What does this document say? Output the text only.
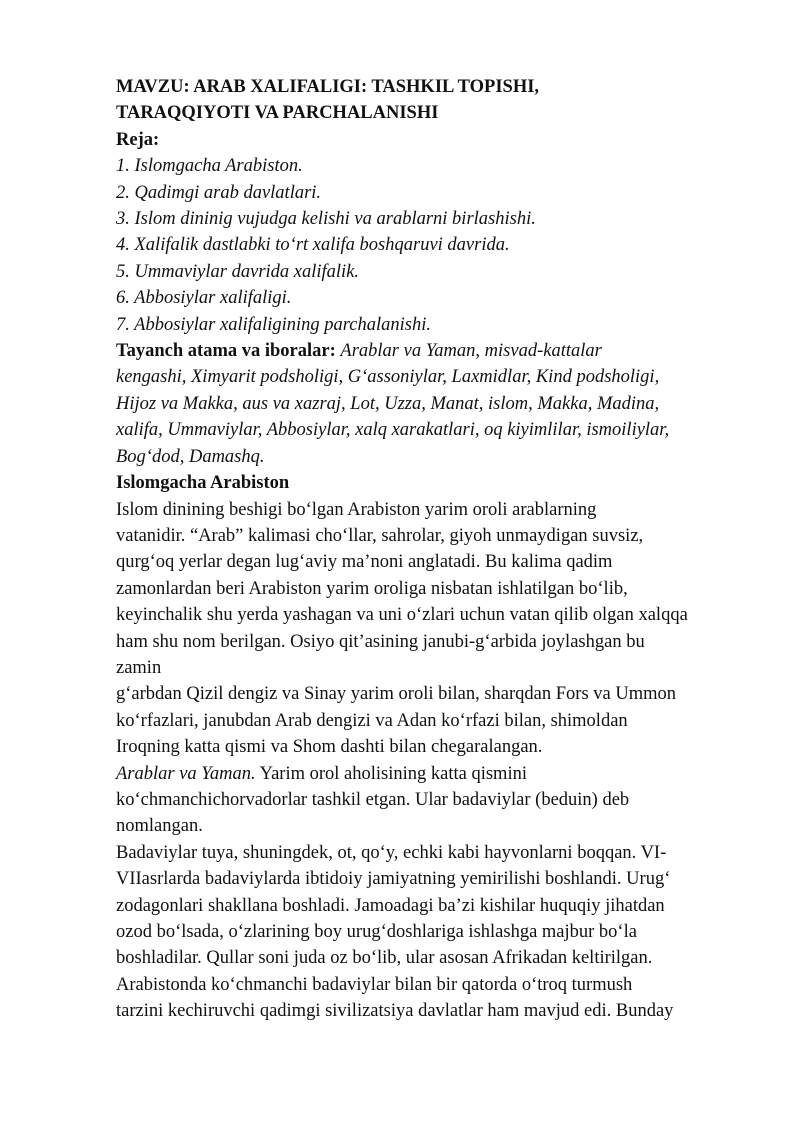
MAVZU: ARAB XALIFALIGI: TASHKIL TOPISHI,
TARAQQIYOTI VA PARCHALANISHI
Reja:
1. Islomgacha Arabiston.
2. Qadimgi arab davlatlari.
3. Islom dininig vujudga kelishi va arablarni birlashishi.
4. Xalifalik dastlabki to‘rt xalifa boshqaruvi davrida.
5. Ummaviylar davrida xalifalik.
6. Abbosiylar xalifaligi.
7. Abbosiylar xalifaligining parchalanishi.
Tayanch atama va iboralar: Arablar va Yaman, misvad-kattalar
kengashi, Ximyarit podsholigi, G‘assoniylar, Laxmidlar, Kind podsholigi,
Hijoz va Makka, aus va xazraj, Lot, Uzza, Manat, islom, Makka, Madina,
xalifa, Ummaviylar, Abbosiylar, xalq xarakatlari, oq kiyimlilar, ismoiliylar,
Bog‘dod, Damashq.
Islomgacha Arabiston
Islom dinining beshigi bo‘lgan Arabiston yarim oroli arablarning
vatanidir. “Arab” kalimasi cho‘llar, sahrolar, giyoh unmaydigan suvsiz,
qurg‘oq yerlar degan lug‘aviy ma’noni anglatadi. Bu kalima qadim
zamonlardan beri Arabiston yarim oroliga nisbatan ishlatilgan bo‘lib,
keyinchalik shu yerda yashagan va uni o‘zlari uchun vatan qilib olgan xalqqa
ham shu nom berilgan. Osiyo qit’asining janubi-g‘arbida joylashgan bu
zamin
g‘arbdan Qizil dengiz va Sinay yarim oroli bilan, sharqdan Fors va Ummon
ko‘rfazlari, janubdan Arab dengizi va Adan ko‘rfazi bilan, shimoldan
Iroqning katta qismi va Shom dashti bilan chegaralangan.
Arablar va Yaman. Yarim orol aholisining katta qismini
ko‘chmanchichorvadorlar tashkil etgan. Ular badaviylar (beduin) deb
nomlangan.
Badaviylar tuya, shuningdek, ot, qo‘y, echki kabi hayvonlarni boqqan. VI-
VIIasrlarda badaviylarda ibtidoiy jamiyatning yemirilishi boshlandi. Urug‘
zodagonlari shakllana boshladi. Jamoadagi ba’zi kishilar huquqiy jihatdan
ozod bo‘lsada, o‘zlarining boy urug‘doshlariga ishlashga majbur bo‘la
boshladilar. Qullar soni juda oz bo‘lib, ular asosan Afrikadan keltirilgan.
Arabistonda ko‘chmanchi badaviylar bilan bir qatorda o‘troq turmush
tarzini kechiruvchi qadimgi sivilizatsiya davlatlar ham mavjud edi. Bunday
